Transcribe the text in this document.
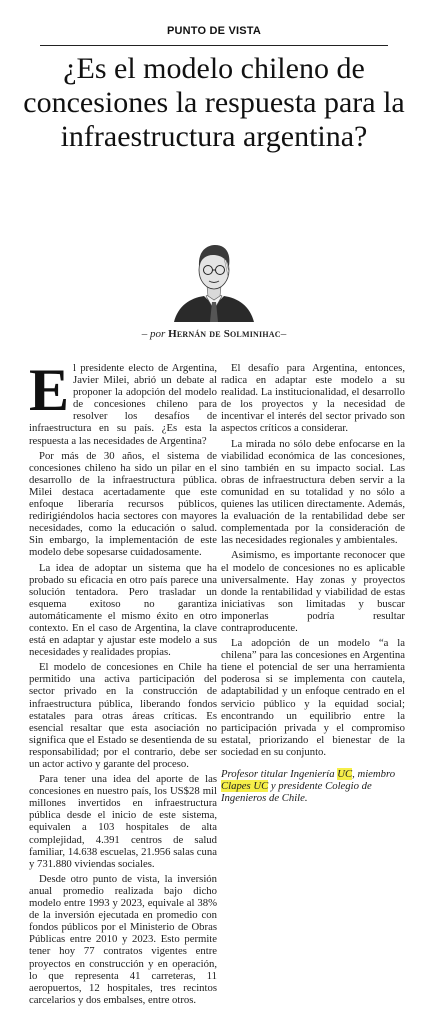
PUNTO DE VISTA
¿Es el modelo chileno de concesiones la respuesta para la infraestructura argentina?
– por Hernán de Solminihac–

El presidente electo de Argentina, Javier Milei, abrió un debate al proponer la adopción del modelo de concesiones chileno para resolver los desafíos de infraestructura en su país. ¿Es esta la respuesta a las necesidades de Argentina?

Por más de 30 años, el sistema de concesiones chileno ha sido un pilar en el desarrollo de la infraestructura pública. Milei destaca acertadamente que este enfoque liberaría recursos públicos, redirigiéndolos hacia sectores con mayores necesidades, como la educación o salud. Sin embargo, la implementación de este modelo debe sopesarse cuidadosamente.

La idea de adoptar un sistema que ha probado su eficacia en otro país parece una solución tentadora. Pero trasladar un esquema exitoso no garantiza automáticamente el mismo éxito en otro contexto. En el caso de Argentina, la clave está en adaptar y ajustar este modelo a sus necesidades y realidades propias.

El modelo de concesiones en Chile ha permitido una activa participación del sector privado en la construcción de infraestructura pública, liberando fondos estatales para otras áreas críticas. Es esencial resaltar que esta asociación no significa que el Estado se desentienda de su responsabilidad; por el contrario, debe ser un actor activo y garante del proceso.

Para tener una idea del aporte de las concesiones en nuestro país, los US$28 mil millones invertidos en infraestructura pública desde el inicio de este sistema, equivalen a 103 hospitales de alta complejidad, 4.391 centros de salud familiar, 14.638 escuelas, 21.956 salas cuna y 731.880 viviendas sociales.

Desde otro punto de vista, la inversión anual promedio realizada bajo dicho modelo entre 1993 y 2023, equivale al 38% de la inversión ejecutada en promedio con fondos públicos por el Ministerio de Obras Públicas entre 2010 y 2023. Esto permite tener hoy 77 contratos vigentes entre proyectos en construcción y en operación, lo que representa 41 carreteras, 11 aeropuertos, 12 hospitales, tres recintos carcelarios y dos embalses, entre otros.

El desafío para Argentina, entonces, radica en adaptar este modelo a su realidad. La institucionalidad, el desarrollo de los proyectos y la necesidad de incentivar el interés del sector privado son aspectos críticos a considerar.

La mirada no sólo debe enfocarse en la viabilidad económica de las concesiones, sino también en su impacto social. Las obras de infraestructura deben servir a la comunidad en su totalidad y no sólo a quienes las utilicen directamente. Además, la evaluación de la rentabilidad debe ser complementada por la consideración de las necesidades regionales y ambientales.

Asimismo, es importante reconocer que el modelo de concesiones no es aplicable universalmente. Hay zonas y proyectos donde la rentabilidad y viabilidad de estas iniciativas son limitadas y buscar imponerlas podría resultar contraproducente.

La adopción de un modelo “a la chilena” para las concesiones en Argentina tiene el potencial de ser una herramienta poderosa si se implementa con cautela, adaptabilidad y un enfoque centrado en el servicio público y la equidad social; encontrando un equilibrio entre la participación privada y el compromiso estatal, priorizando el bienestar de la sociedad en su conjunto.

Profesor titular Ingeniería UC, miembro Clapes UC y presidente Colegio de Ingenieros de Chile.
